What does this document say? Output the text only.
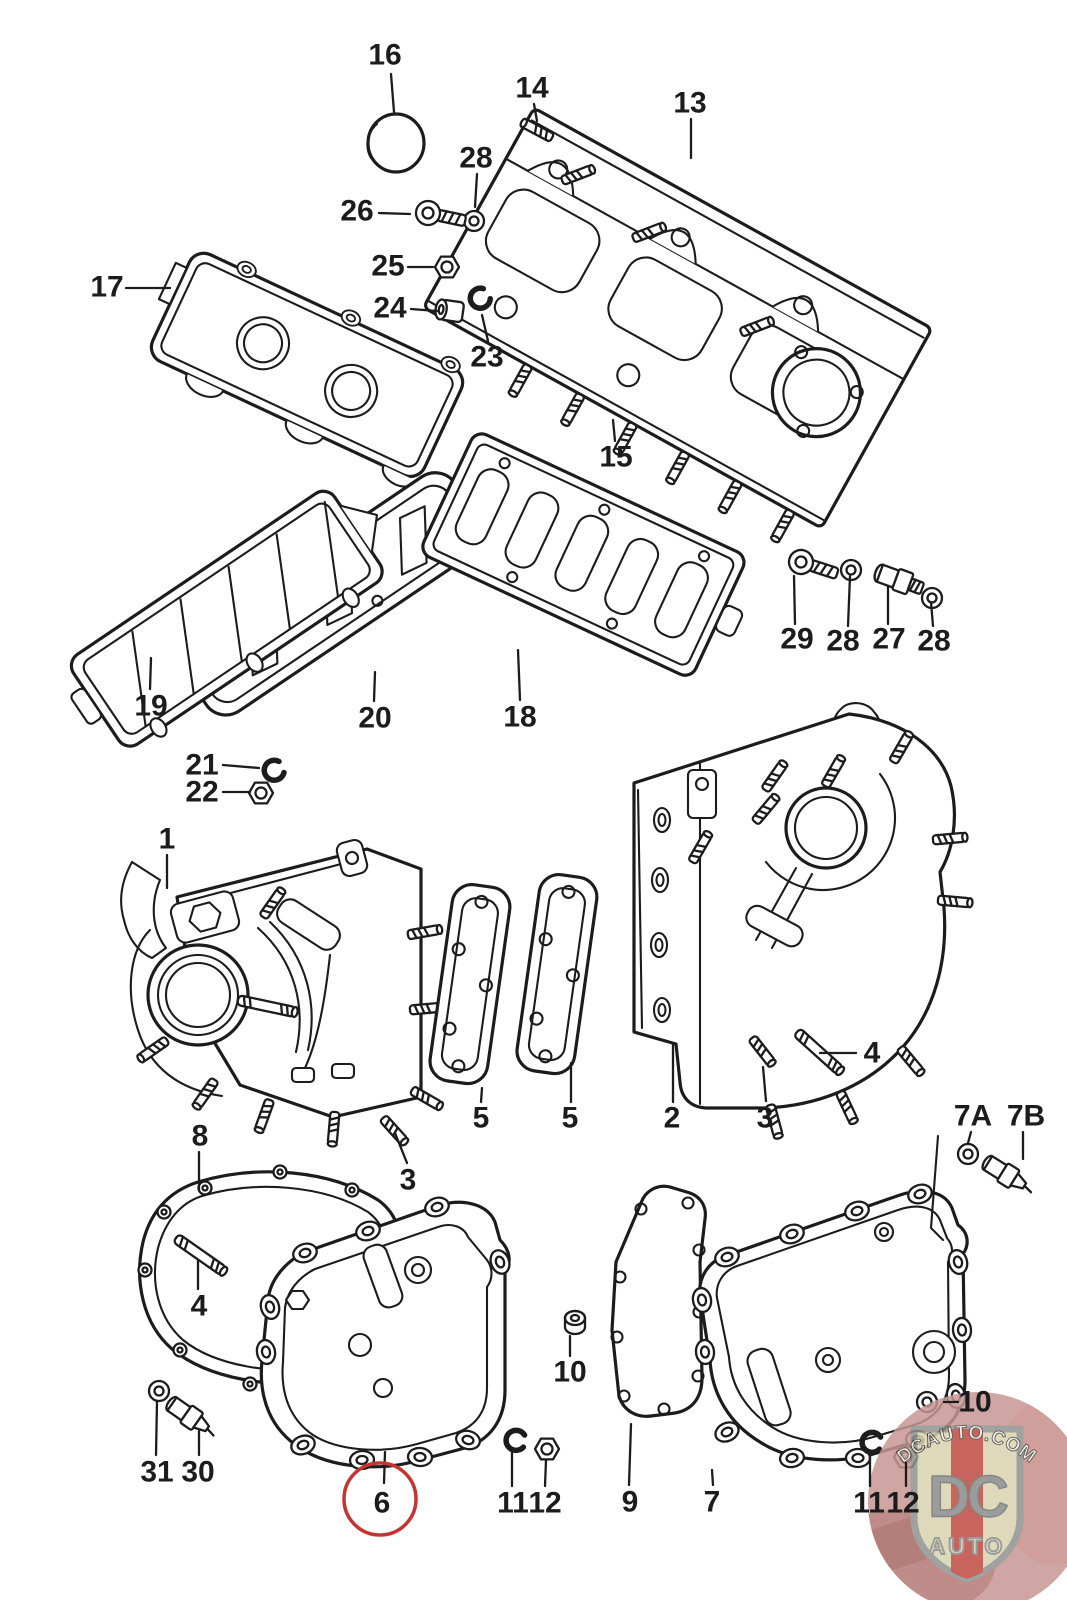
DC
AUTO
DCAUTO.COM
16
14	13
28
26
25
24
23
17
15
29 28 27 28
19	20	18
21
22
1
5 5	2	3
4
7A 7B
8
3
4
10
31 30
6	11 12 9 7
10
11 12
